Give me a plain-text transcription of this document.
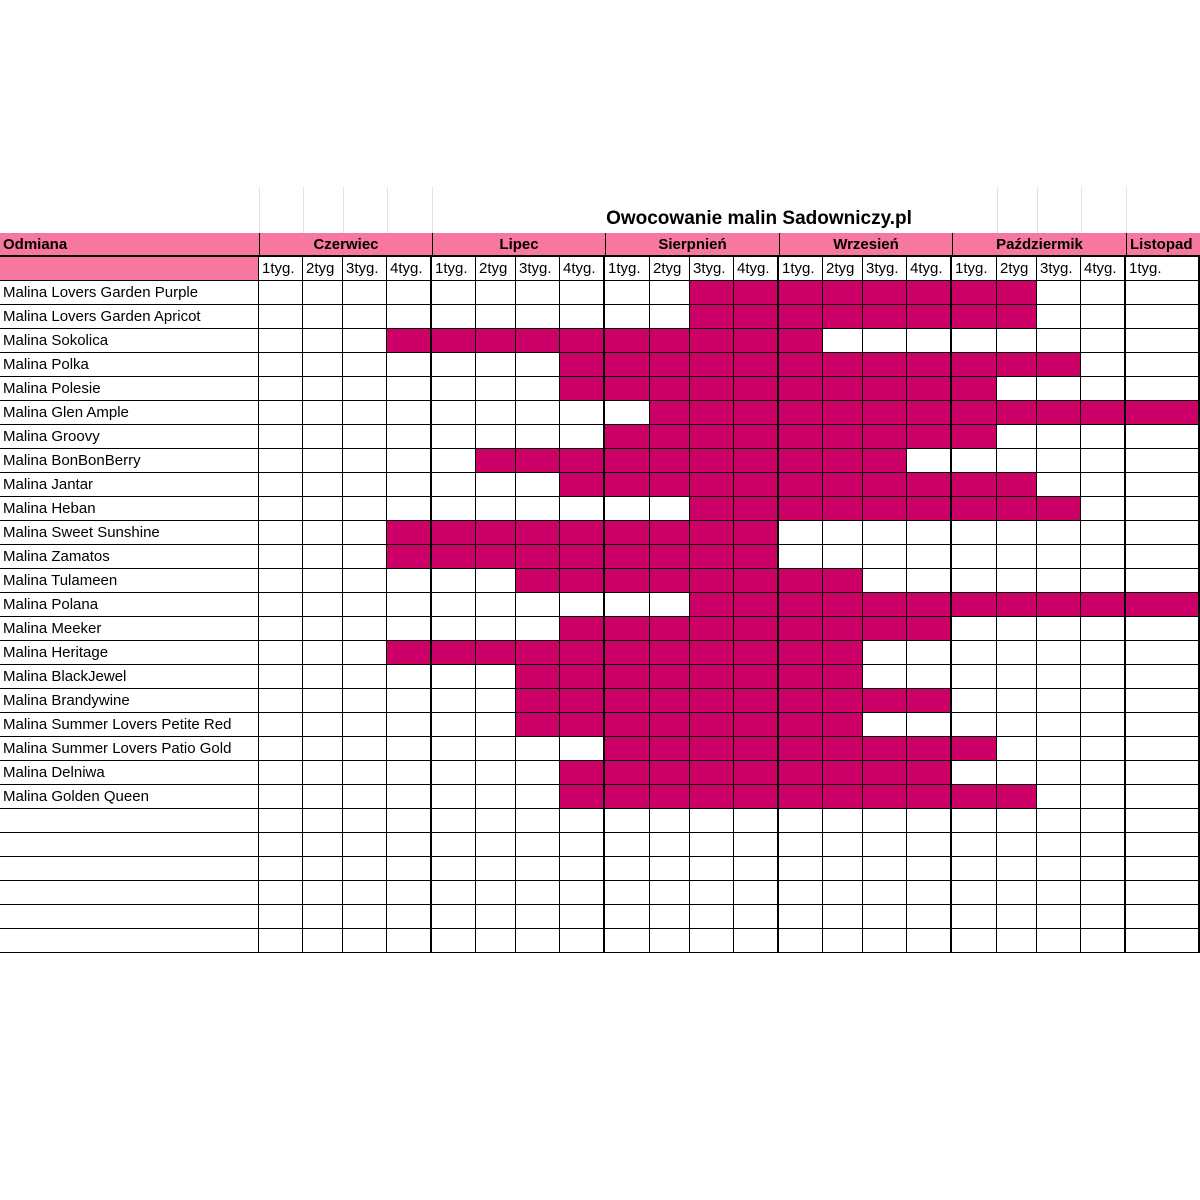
Owocowanie malin Sadowniczy.pl
Odmiana	Czerwiec
1tyg. 2tyg 3tyg. 4tyg.
Lipec
1tyg. 2tyg 3tyg. 4tyg.
Sierpnień
1tyg. 2tyg 3tyg. 4tyg.
Wrzesień
1tyg. 2tyg 3tyg. 4tyg.
Paździermik
1tyg. 2tyg 3tyg. 4tyg.
Listopad
1tyg.
Malina Lovers Garden Purple
Malina Lovers Garden Apricot
Malina Sokolica
Malina Polka
Malina Polesie
Malina Glen Ample
Malina Groovy
Malina BonBonBerry
Malina Jantar
Malina Heban
Malina Sweet Sunshine
Malina Zamatos
Malina Tulameen
Malina Polana
Malina Meeker
Malina Heritage
Malina BlackJewel
Malina Brandywine
Malina Summer Lovers Petite Red
Malina Summer Lovers Patio Gold
Malina Delniwa
Malina Golden Queen
